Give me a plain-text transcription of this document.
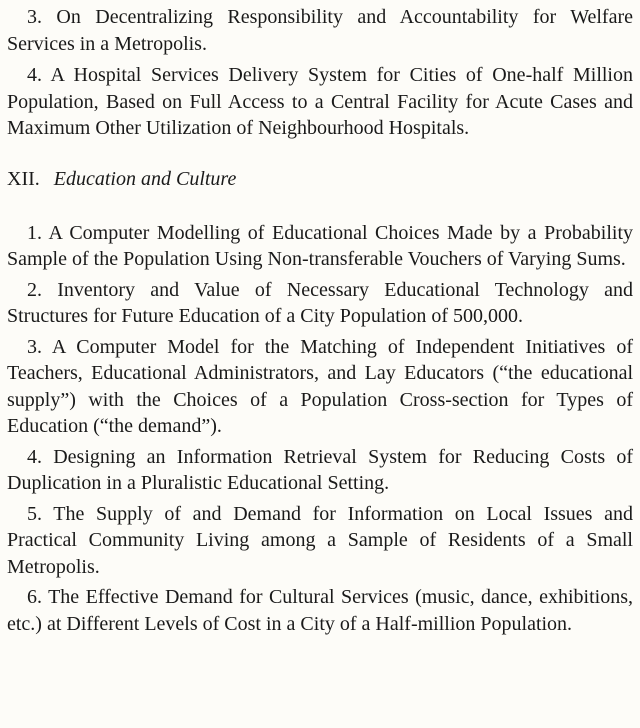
3. On Decentralizing Responsibility and Accountability for Welfare Services in a Metropolis.

4. A Hospital Services Delivery System for Cities of One-half Million Population, Based on Full Access to a Central Facility for Acute Cases and Maximum Other Utilization of Neighbourhood Hospitals.

XII. Education and Culture

1. A Computer Modelling of Educational Choices Made by a Probability Sample of the Population Using Non-transferable Vouchers of Varying Sums.

2. Inventory and Value of Necessary Educational Technology and Structures for Future Education of a City Population of 500,000.

3. A Computer Model for the Matching of Independent Initiatives of Teachers, Educational Administrators, and Lay Educators (“the educational supply”) with the Choices of a Population Cross-section for Types of Education (“the demand”).

4. Designing an Information Retrieval System for Reducing Costs of Duplication in a Pluralistic Educational Setting.

5. The Supply of and Demand for Information on Local Issues and Practical Community Living among a Sample of Residents of a Small Metropolis.

6. The Effective Demand for Cultural Services (music, dance, exhibitions, etc.) at Different Levels of Cost in a City of a Half-million Population.
